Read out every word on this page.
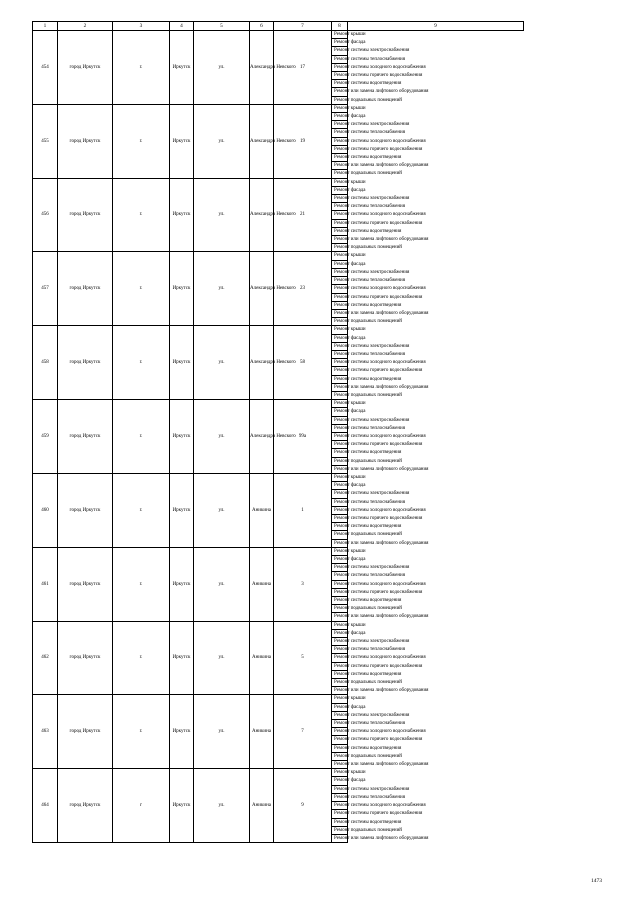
1	2	3	4	5	6	7	8	9
454	город Иркутск	г.	Иркутск	ул.	Александра Невского	17	Ремонт крыши	
							Ремонт фасада	
							Ремонт системы электроснабжения	
							Ремонт системы теплоснабжения	
							Ремонт системы холодного водоснабжения	
							Ремонт системы горячего водоснабжения	
							Ремонт системы водоотведения	
							Ремонт или замена лифтового оборудования	
							Ремонт подвальных помещений	
455	город Иркутск	г.	Иркутск	ул.	Александра Невского	19	Ремонт крыши	
							Ремонт фасада	
							Ремонт системы электроснабжения	
							Ремонт системы теплоснабжения	
							Ремонт системы холодного водоснабжения	
							Ремонт системы горячего водоснабжения	
							Ремонт системы водоотведения	
							Ремонт или замена лифтового оборудования	
							Ремонт подвальных помещений	
456	город Иркутск	г.	Иркутск	ул.	Александра Невского	21	Ремонт крыши	
							Ремонт фасада	
							Ремонт системы электроснабжения	
							Ремонт системы теплоснабжения	
							Ремонт системы холодного водоснабжения	
							Ремонт системы горячего водоснабжения	
							Ремонт системы водоотведения	
							Ремонт или замена лифтового оборудования	
							Ремонт подвальных помещений	
457	город Иркутск	г.	Иркутск	ул.	Александра Невского	23	Ремонт крыши	
							Ремонт фасада	
							Ремонт системы электроснабжения	
							Ремонт системы теплоснабжения	
							Ремонт системы холодного водоснабжения	
							Ремонт системы горячего водоснабжения	
							Ремонт системы водоотведения	
							Ремонт или замена лифтового оборудования	
							Ремонт подвальных помещений	
458	город Иркутск	г.	Иркутск	ул.	Александра Невского	58	Ремонт крыши	
							Ремонт фасада	
							Ремонт системы электроснабжения	
							Ремонт системы теплоснабжения	
							Ремонт системы холодного водоснабжения	
							Ремонт системы горячего водоснабжения	
							Ремонт системы водоотведения	
							Ремонт или замена лифтового оборудования	
							Ремонт подвальных помещений	
459	город Иркутск	г.	Иркутск	ул.	Александра Невского	99а	Ремонт крыши	
							Ремонт фасада	
							Ремонт системы электроснабжения	
							Ремонт системы теплоснабжения	
							Ремонт системы холодного водоснабжения	
							Ремонт системы горячего водоснабжения	
							Ремонт системы водоотведения	
							Ремонт подвальных помещений	
							Ремонт или замена лифтового оборудования	
460	город Иркутск	г.	Иркутск	ул.	Аникина	1	Ремонт крыши	
							Ремонт фасада	
							Ремонт системы электроснабжения	
							Ремонт системы теплоснабжения	
							Ремонт системы холодного водоснабжения	
							Ремонт системы горячего водоснабжения	
							Ремонт системы водоотведения	
							Ремонт подвальных помещений	
							Ремонт или замена лифтового оборудования	
461	город Иркутск	г.	Иркутск	ул.	Аникина	3	Ремонт крыши	
							Ремонт фасада	
							Ремонт системы электроснабжения	
							Ремонт системы теплоснабжения	
							Ремонт системы холодного водоснабжения	
							Ремонт системы горячего водоснабжения	
							Ремонт системы водоотведения	
							Ремонт подвальных помещений	
							Ремонт или замена лифтового оборудования	
462	город Иркутск	г.	Иркутск	ул.	Аникина	5	Ремонт крыши	
							Ремонт фасада	
							Ремонт системы электроснабжения	
							Ремонт системы теплоснабжения	
							Ремонт системы холодного водоснабжения	
							Ремонт системы горячего водоснабжения	
							Ремонт системы водоотведения	
							Ремонт подвальных помещений	
							Ремонт или замена лифтового оборудования	
463	город Иркутск	г.	Иркутск	ул.	Аникина	7	Ремонт крыши	
							Ремонт фасада	
							Ремонт системы электроснабжения	
							Ремонт системы теплоснабжения	
							Ремонт системы холодного водоснабжения	
							Ремонт системы горячего водоснабжения	
							Ремонт системы водоотведения	
							Ремонт подвальных помещений	
							Ремонт или замена лифтового оборудования	
464	город Иркутск	г	Иркутск	ул.	Аникина	9	Ремонт крыши	
							Ремонт фасада	
							Ремонт системы электроснабжения	
							Ремонт системы теплоснабжения	
							Ремонт системы холодного водоснабжения	
							Ремонт системы горячего водоснабжения	
							Ремонт системы водоотведения	
							Ремонт подвальных помещений	
							Ремонт или замена лифтового оборудования	
1473
